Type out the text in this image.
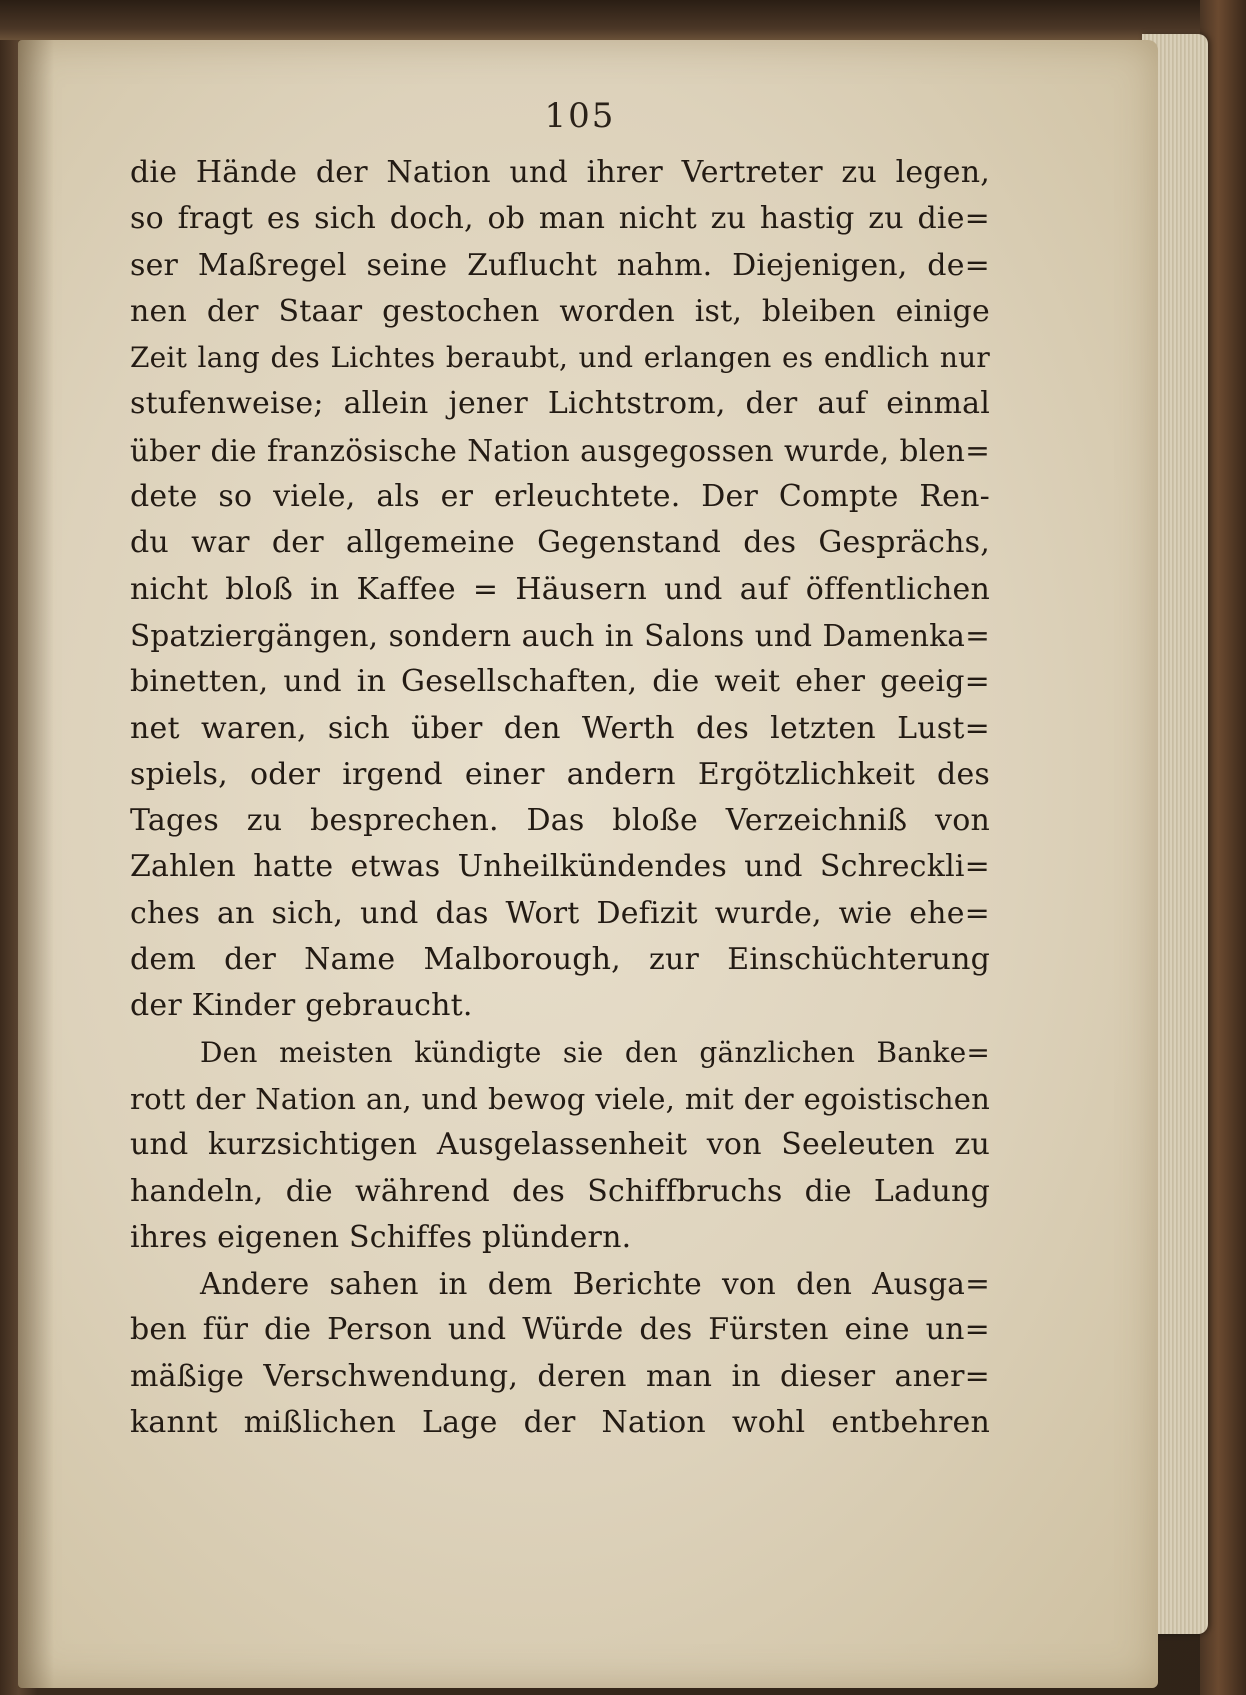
105
die Hände der Nation und ihrer Vertreter zu legen,
so fragt es sich doch, ob man nicht zu hastig zu die=
ser Maßregel seine Zuflucht nahm. Diejenigen, de=
nen der Staar gestochen worden ist, bleiben einige
Zeit lang des Lichtes beraubt, und erlangen es endlich nur
stufenweise; allein jener Lichtstrom, der auf einmal
über die französische Nation ausgegossen wurde, blen=
dete so viele, als er erleuchtete. Der Compte Ren-
du war der allgemeine Gegenstand des Gesprächs,
nicht bloß in Kaffee = Häusern und auf öffentlichen
Spatziergängen, sondern auch in Salons und Damenka=
binetten, und in Gesellschaften, die weit eher geeig=
net waren, sich über den Werth des letzten Lust=
spiels, oder irgend einer andern Ergötzlichkeit des
Tages zu besprechen. Das bloße Verzeichniß von
Zahlen hatte etwas Unheilkündendes und Schreckli=
ches an sich, und das Wort Defizit wurde, wie ehe=
dem der Name Malborough, zur Einschüchterung
der Kinder gebraucht.
Den meisten kündigte sie den gänzlichen Banke=
rott der Nation an, und bewog viele, mit der egoistischen
und kurzsichtigen Ausgelassenheit von Seeleuten zu
handeln, die während des Schiffbruchs die Ladung
ihres eigenen Schiffes plündern.
Andere sahen in dem Berichte von den Ausga=
ben für die Person und Würde des Fürsten eine un=
mäßige Verschwendung, deren man in dieser aner=
kannt mißlichen Lage der Nation wohl entbehren
